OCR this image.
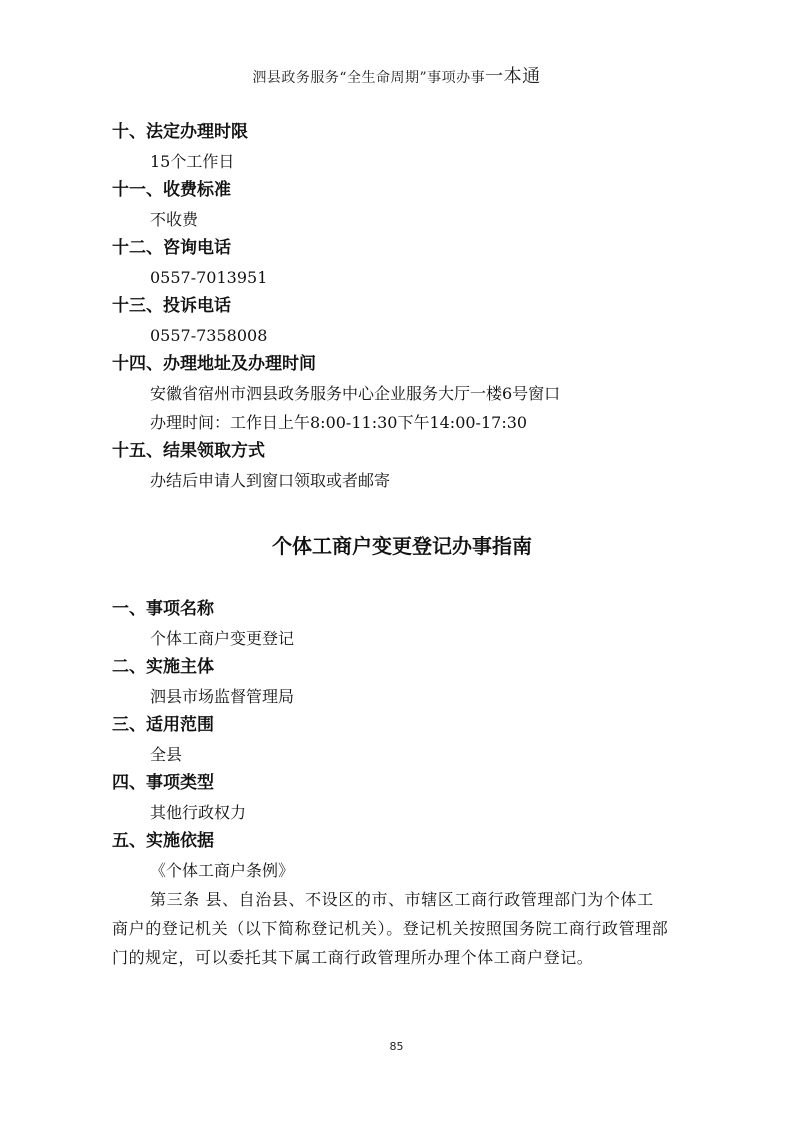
泗县政务服务“全生命周期”事项办事一本通
十、法定办理时限
15个工作日
十一、收费标准
不收费
十二、咨询电话
0557-7013951
十三、投诉电话
0557-7358008
十四、办理地址及办理时间
安徽省宿州市泗县政务服务中心企业服务大厅一楼6号窗口
办理时间：工作日上午8:00-11:30下午14:00-17:30
十五、结果领取方式
办结后申请人到窗口领取或者邮寄
个体工商户变更登记办事指南
一、事项名称
个体工商户变更登记
二、实施主体
泗县市场监督管理局
三、适用范围
全县
四、事项类型
其他行政权力
五、实施依据
《个体工商户条例》
第三条 县、自治县、不设区的市、市辖区工商行政管理部门为个体工商户的登记机关（以下简称登记机关）。登记机关按照国务院工商行政管理部门的规定，可以委托其下属工商行政管理所办理个体工商户登记。
85
